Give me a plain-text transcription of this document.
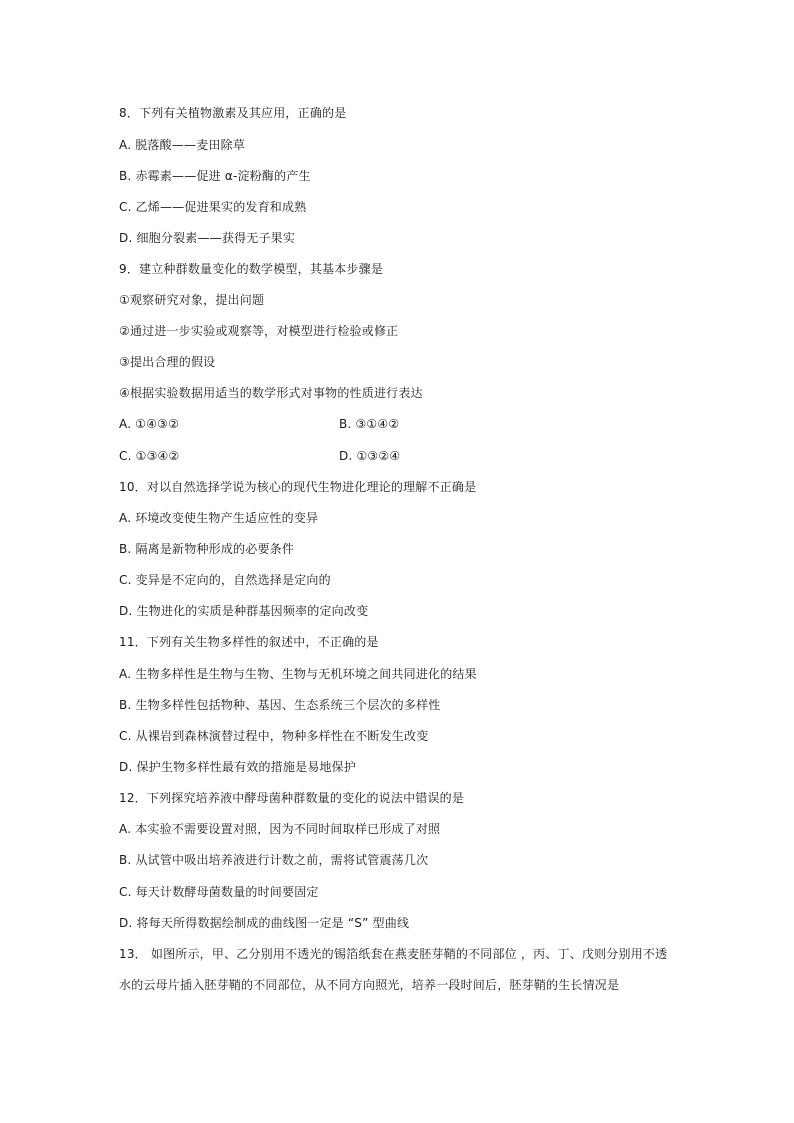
8．下列有关植物激素及其应用，正确的是
A. 脱落酸——麦田除草
B. 赤霉素——促进 α-淀粉酶的产生
C. 乙烯——促进果实的发育和成熟
D. 细胞分裂素——获得无子果实
9．建立种群数量变化的数学模型，其基本步骤是
①观察研究对象，提出问题
②通过进一步实验或观察等，对模型进行检验或修正
③提出合理的假设
④根据实验数据用适当的数学形式对事物的性质进行表达
A. ①④③②	B. ③①④②
C. ①③④②	D. ①③②④
10．对以自然选择学说为核心的现代生物进化理论的理解不正确是
A. 环境改变使生物产生适应性的变异
B. 隔离是新物种形成的必要条件
C. 变异是不定向的，自然选择是定向的
D. 生物进化的实质是种群基因频率的定向改变
11．下列有关生物多样性的叙述中，不正确的是
A. 生物多样性是生物与生物、生物与无机环境之间共同进化的结果
B. 生物多样性包括物种、基因、生态系统三个层次的多样性
C. 从裸岩到森林演替过程中，物种多样性在不断发生改变
D. 保护生物多样性最有效的措施是易地保护
12．下列探究培养液中酵母菌种群数量的变化的说法中错误的是
A. 本实验不需要设置对照，因为不同时间取样已形成了对照
B. 从试管中吸出培养液进行计数之前，需将试管震荡几次
C. 每天计数酵母菌数量的时间要固定
D. 将每天所得数据绘制成的曲线图一定是 “S” 型曲线
13． 如图所示，甲、乙分别用不透光的锡箔纸套在燕麦胚芽鞘的不同部位 ，丙、丁、戊则分别用不透
水的云母片插入胚芽鞘的不同部位，从不同方向照光，培养一段时间后，胚芽鞘的生长情况是
